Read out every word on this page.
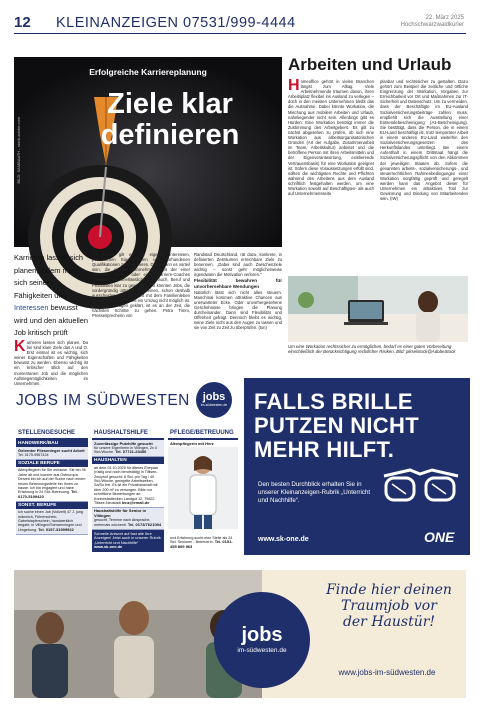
12 KLEINANZEIGEN 07531/999-4444	22. März 2025
Hochschwarzwaldkurier
Erfolgreiche Karriereplanung
Ziele klar
definieren
BILD: SAMBAATH - stock.adobe.com
Arbeiten und Urlaub
Homeoffice gehört in vielen Branchen längst zum Alltag. Viele Arbeitnehmende träumen davon, ihren Arbeitsplatz flexibel ins Ausland zu verlegen – doch in den meisten Unternehmen bleibt das die Ausnahme. Dabei könnte Workation, die Mischung aus mobilem Arbeiten und Urlaub, naheliegender nicht sein. Allerdings gibt es Hürden: Eine Workation benötigt immer die Zustimmung des Arbeitgebers. Es gilt zu nächst abgesehen zu prüfen, ob sich eine Workation aus arbeitsorganisatorischen Gründen (Art der Aufgabe, Zusammenarbeit im Team, Arbeitskultur) anbietet und die betroffene Person mit ihren Arbeitsmitteln und der Eigenverantwortung, existierende Vertrauensbasis) für eine Workation geeignet ist. Sofern diese Voraussetzungen erfüllt sind, sollten die wichtigsten Rechte und Pflichten während des Arbeitens aus dem Ausland schriftlich festgehalten werden, um eine Workation sowohl auf Beschäftigten- als auch auf Unternehmensseite
planbar und rechtssicher zu gestalten. Dazu gehört zum Beispiel die zeitliche und örtliche Eingrenzung der Workation, Vorgaben zur Erreichbarkeit vor Ort und Maßnahmen zur IT-Sicherheit und Datenschutz. Um zu vermeiden, dass der Beschäftigte im EU-Ausland Sozialversicherungsbeiträge zahlen muss, empfiehlt sich die Ausstellung einer Entsendebescheinigung (A1-Bescheinigung). Sie bestätigt, dass die Person, die in einem EU-Land beschäftigt ist, trotz temporärer Arbeit in einem anderen EU-Land weiterhin den Sozialversicherungsgesetzen des Herkunftslandes unterliegt. Bei einem Aufenthalt in einem Drittstaat hängt die Sozialversicherungspflicht von den Abkommen der jeweiligen Staaten ab. Sofern die genannten arbeits-, sozialversicherungs-, und steuerrechtlichen Rahmenbedingungen einer Workation sorgfältig geprüft und geregelt werden kann das Angebot dieser für Unternehmen ein attraktives Tool zur Gewinnung und Bindung von Mitarbeitenden sein. (IW)
Um eine Workation rechtssicher zu ermöglichen, bedarf es einer guten Vorbereitung einschließlich der Berücksichtigung rechtlicher Risiken. Bild: pikselstock@AdobeStock
Karrieren lassen sich planen, indem man sich seiner Fähigkeiten und Interessen bewusst wird und den aktuellen Job kritisch prüft
Karrieren lassen sich planen. Da bei sind klare Ziele das A und O. Erst einmal ist es wichtig, sich seiner Eigenschaften und Fähigkeiten bewusst zu werden. Ebenso wichtig ist ein kritischer Blick auf den momentanen Job und die möglichen Aufstiegsmöglichkeiten im Unternehmen.
Als erstes gilt es, die eigenen Interessen, persönlichen Eigenschaften und vorhandenen Qualifikationen zu analysieren. Dabei kann es vorteil sein, die eigene Wahrnehmung mit der einer vertrauten Person oder eines Karriere-Coaches abzugleichen. Unerlässlich ist es auch, Beruf und Privatleben klar zu gewichten. So könnten Jobs, die vordergründig attraktiv erscheinen, schon deshalb ausscheiden, weil sie nicht mit dem Familienleben vereinbar sind oder weil ein Umzug nicht möglich ist. Sind diese Fragen geklärt, ist es an der Zeit, die nächsten Schritte zu gehen. Petra Timm, Pressesprecherin von

Randstad Deutschland, rät dazu, konkrete, in definierten Zeiträumen erreichbare Ziele zu benennen. „Dabei sind auch Zwischenziele wichtig – sonst geht möglicherweise irgendwann die Motivation verloren.“

Flexibilität bewahren für unvorhersehbare Wendungen

Natürlich lässt sich nicht alles steuern. Manchmal kommen attraktive Chancen aus unerwarteter Ecke. Oder unvorhergesehene Geschehnisse bringen die Planung durcheinander. Dann sind Flexibilität und Offenheit gefragt. Dennoch bleibt es wichtig, seine Ziele nicht aus den Augen zu lassen und sie von Zeit zu Zeit zu überprüfen. (txn)

JOBS IM SÜDWESTEN	jobs
im-südwesten.de
STELLENGESUCHE
HANDWERK/BAU
Gelernter Fliesenleger sucht Arbeit
Tel. 0175-9967424
SOZIALE BERUFE
Altenpflegerin für Sie zuhause. Sie bin 36 Jahre alt und komme aus Osteuropa. Derzeit bin ich auf der Suche nach einem neuen Betreuungsstelle bei Ihnen zu hause. Ich bin engagiert und habe Erfahrung in 24 Std.-Betreuung. Tel. 0170-5199420
SONST. BERUFE
Ich suche einen Job (Vollzeit) 47 J. jung männlich, Führerschein, Gabelstaplerschein, handwerklich begabt, in Villingen/Schwenningen und Umgebung. Tel. 0157-31909922
HAUSHALTSHILFE
Zuverlässige Putzhilfe gesucht
für unsere Eigenheim in Villingen, 2x 4 Std./Woche. Tel. 07721-23456
HAUSHALTEN
ab dem 01.10.2025 für älteres Ehepaar (rüstig und noch berufstätig) in Tiflisen-Zwoyhof gesucht: 8 Std. pro Tag / 40 Std./Woche, geregelte Arbeitszeiten, Sa/So frei. Es ist ein Privathaushalt mit über 200 m² zu versorgen. Bitte nur schriftliche Bewerbungen an: Kontorstadtecken Landgut 12, 79822 Titisee-Neustadt lenz@email.de
Haushaltshilfe für Senior in Villingen
gesucht, Termine nach Absprache, mehrmals wöchentl. Tel. 0173/7621094
Schnelle Antwort auf fast alle Ihre Anzeigen! Jetzt auch in unserer Rubrik „Unterricht und Nachhilfe“
www.sk-one.de
PFLEGE/BETREUUNG
Altenpflegerin mit Herz
und Erfahrung sucht eine Stelle als 24 Std. Senioren - Betreuerin. Tel. 0151-455 809 963
FALLS BRILLE
PUTZEN NICHT
MEHR HILFT.
Den besten Durchblick erhalten Sie in unserer Kleinanzeigen-Rubrik „Unterricht und Nachhilfe“.
www.sk-one.de	ONE
jobs
im-südwesten.de
Finde hier deinen
Traumjob vor
der Haustür!
www.jobs-im-südwesten.de
